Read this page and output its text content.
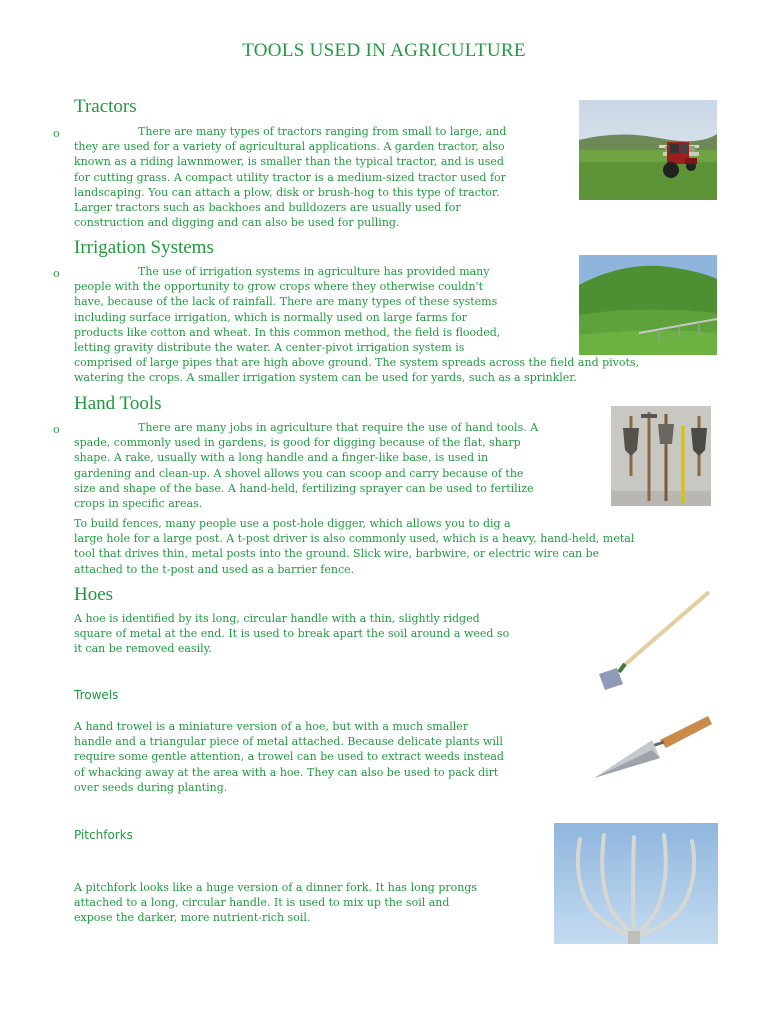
TOOLS USED IN AGRICULTURE
Tractors
o	There are many types of tractors ranging from small to large, and

they are used for a variety of agricultural applications. A garden tractor, also

known as a riding lawnmower, is smaller than the typical tractor, and is used

for cutting grass. A compact utility tractor is a medium-sized tractor used for

landscaping. You can attach a plow, disk or brush-hog to this type of tractor.

Larger tractors such as backhoes and bulldozers are usually used for

construction and digging and can also be used for pulling.

Irrigation Systems
o	The use of irrigation systems in agriculture has provided many

people with the opportunity to grow crops where they otherwise couldn't

have, because of the lack of rainfall. There are many types of these systems

including surface irrigation, which is normally used on large farms for

products like cotton and wheat. In this common method, the field is flooded,

letting gravity distribute the water. A center-pivot irrigation system is

comprised of large pipes that are high above ground. The system spreads across the field and pivots,

watering the crops. A smaller irrigation system can be used for yards, such as a sprinkler.

Hand Tools
o	There are many jobs in agriculture that require the use of hand tools. A

spade, commonly used in gardens, is good for digging because of the flat, sharp

shape. A rake, usually with a long handle and a finger-like base, is used in

gardening and clean-up. A shovel allows you can scoop and carry because of the

size and shape of the base. A hand-held, fertilizing sprayer can be used to fertilize

crops in specific areas.

To build fences, many people use a post-hole digger, which allows you to dig a

large hole for a large post. A t-post driver is also commonly used, which is a heavy, hand-held, metal

tool that drives thin, metal posts into the ground. Slick wire, barbwire, or electric wire can be

attached to the t-post and used as a barrier fence.

Hoes

A hoe is identified by its long, circular handle with a thin, slightly ridged

square of metal at the end. It is used to break apart the soil around a weed so

it can be removed easily.

Trowels

A hand trowel is a miniature version of a hoe, but with a much smaller

handle and a triangular piece of metal attached. Because delicate plants will

require some gentle attention, a trowel can be used to extract weeds instead

of whacking away at the area with a hoe. They can also be used to pack dirt

over seeds during planting.

Pitchforks

A pitchfork looks like a huge version of a dinner fork. It has long prongs

attached to a long, circular handle. It is used to mix up the soil and

expose the darker, more nutrient-rich soil.
